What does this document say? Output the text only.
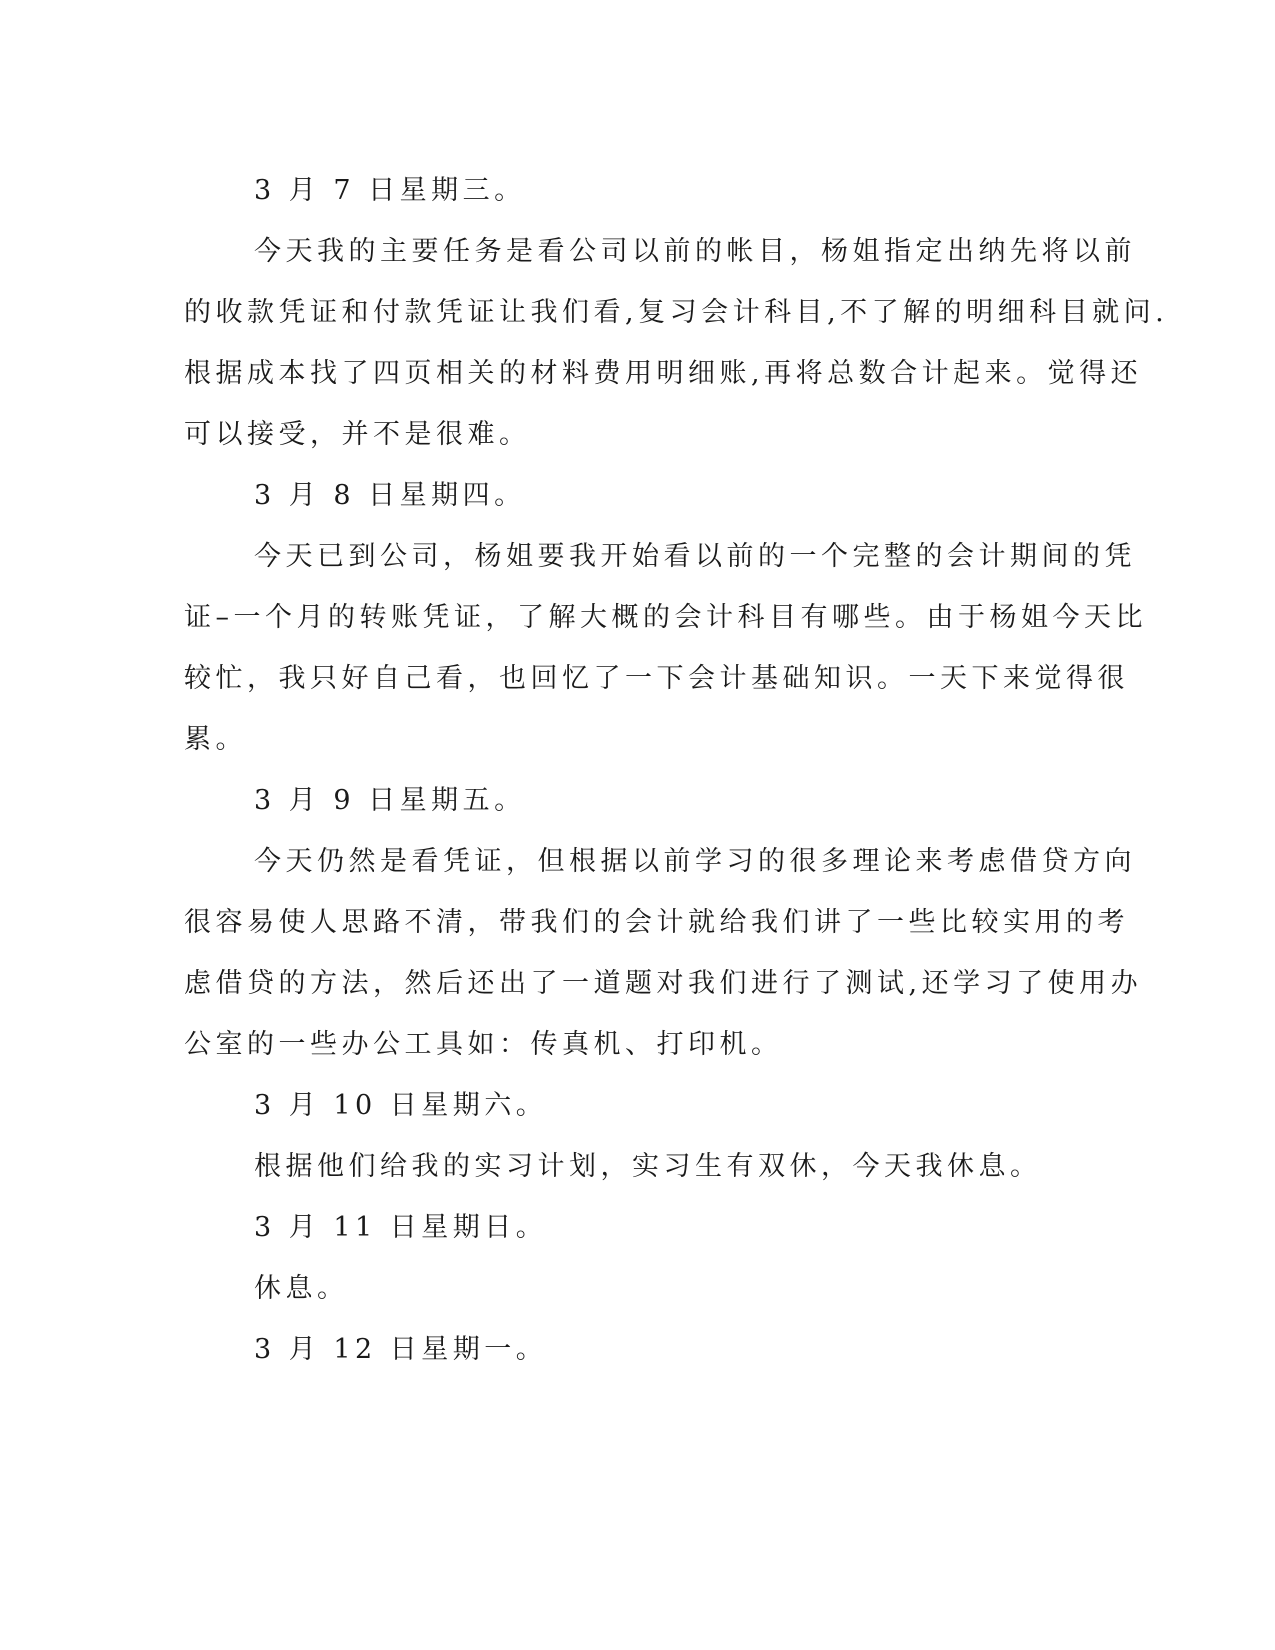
3 月 7 日星期三。
今天我的主要任务是看公司以前的帐目，杨姐指定出纳先将以前
的收款凭证和付款凭证让我们看,复习会计科目,不了解的明细科目就问.
根据成本找了四页相关的材料费用明细账,再将总数合计起来。觉得还
可以接受，并不是很难。
3 月 8 日星期四。
今天已到公司，杨姐要我开始看以前的一个完整的会计期间的凭
证–一个月的转账凭证，了解大概的会计科目有哪些。由于杨姐今天比
较忙，我只好自己看，也回忆了一下会计基础知识。一天下来觉得很
累。
3 月 9 日星期五。
今天仍然是看凭证，但根据以前学习的很多理论来考虑借贷方向
很容易使人思路不清，带我们的会计就给我们讲了一些比较实用的考
虑借贷的方法，然后还出了一道题对我们进行了测试,还学习了使用办
公室的一些办公工具如：传真机、打印机。
3 月 10 日星期六。
根据他们给我的实习计划，实习生有双休，今天我休息。
3 月 11 日星期日。
休息。
3 月 12 日星期一。
